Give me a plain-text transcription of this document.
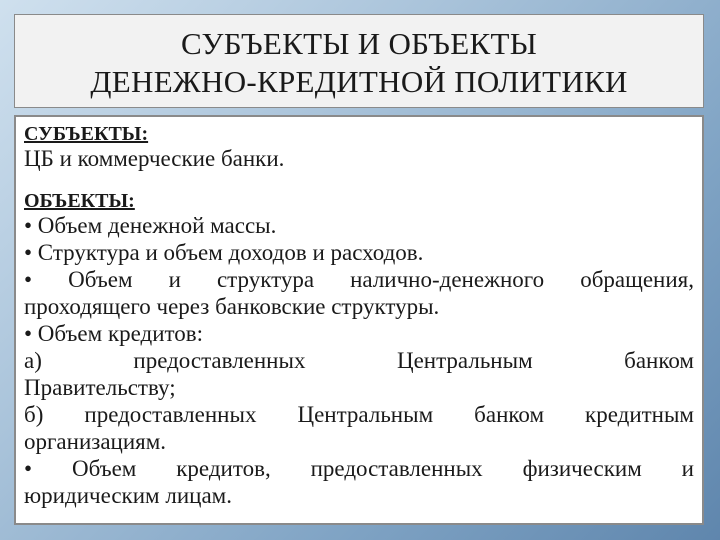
СУБЪЕКТЫ И ОБЪЕКТЫ
ДЕНЕЖНО-КРЕДИТНОЙ ПОЛИТИКИ
СУБЪЕКТЫ:
ЦБ и коммерческие банки.
ОБЪЕКТЫ:
• Объем денежной массы.
• Структура и объем доходов и расходов.
• Объем и структура налично-денежного обращения,
проходящего через банковские структуры.
• Объем кредитов:
а) предоставленных Центральным банком
Правительству;
б) предоставленных Центральным банком кредитным
организациям.
• Объем кредитов, предоставленных физическим и
юридическим лицам.
